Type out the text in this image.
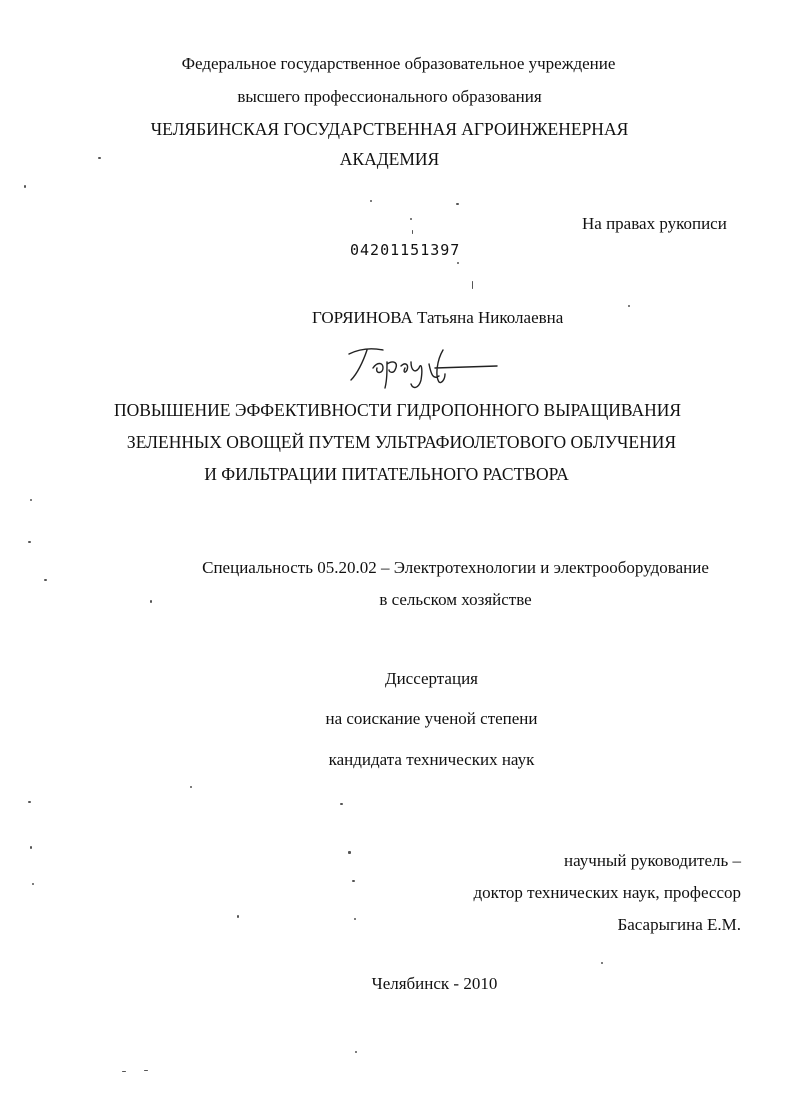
Федеральное государственное образовательное учреждение
высшего профессионального образования
ЧЕЛЯБИНСКАЯ ГОСУДАРСТВЕННАЯ АГРОИНЖЕНЕРНАЯ
АКАДЕМИЯ
На правах рукописи
04201151397
ГОРЯИНОВА Татьяна Николаевна
ПОВЫШЕНИЕ ЭФФЕКТИВНОСТИ ГИДРОПОННОГО ВЫРАЩИВАНИЯ
ЗЕЛЕННЫХ ОВОЩЕЙ ПУТЕМ УЛЬТРАФИОЛЕТОВОГО ОБЛУЧЕНИЯ
И ФИЛЬТРАЦИИ ПИТАТЕЛЬНОГО РАСТВОРА
Специальность 05.20.02 – Электротехнологии и электрооборудование
в сельском хозяйстве
Диссертация
на соискание ученой степени
кандидата технических наук
научный руководитель –
доктор технических наук, профессор
Басарыгина Е.М.
Челябинск - 2010
